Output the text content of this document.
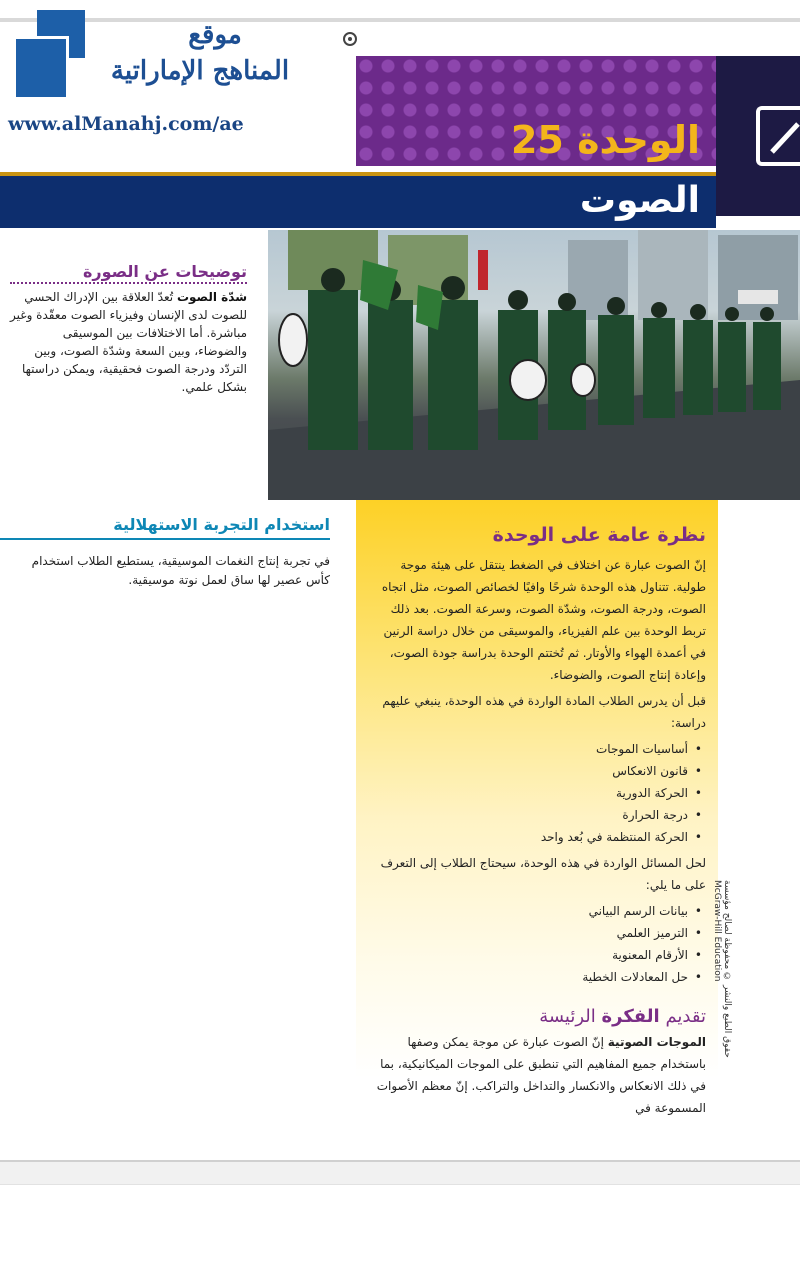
موقع
المناهج الإماراتية
www.alManahj.com/ae	الوحدة 25
الصوت
توضيحات عن الصورة
شدّة الصوت تُعدّ العلاقة بين الإدراك الحسي للصوت لدى الإنسان وفيزياء الصوت معقّدة وغير مباشرة. أما الاختلافات بين الموسيقى والضوضاء، وبين السعة وشدّة الصوت، وبين التردّد ودرجة الصوت فحقيقية، ويمكن دراستها بشكل علمي.
استخدام التجربة الاستهلالية
في تجربة إنتاج النغمات الموسيقية، يستطيع الطلاب استخدام كأس عصير لها ساق لعمل نوتة موسيقية.
نظرة عامة على الوحدة

إنّ الصوت عبارة عن اختلاف في الضغط ينتقل على هيئة موجة طولية. تتناول هذه الوحدة شرحًا وافيًا لخصائص الصوت، مثل اتجاه الصوت، ودرجة الصوت، وشدّة الصوت، وسرعة الصوت. بعد ذلك تربط الوحدة بين علم الفيزياء، والموسيقى من خلال دراسة الرنين في أعمدة الهواء والأوتار. ثم تُختتم الوحدة بدراسة جودة الصوت، وإعادة إنتاج الصوت، والضوضاء.

قبل أن يدرس الطلاب المادة الواردة في هذه الوحدة، ينبغي عليهم دراسة:

• أساسيات الموجات
• قانون الانعكاس
• الحركة الدورية
• درجة الحرارة
• الحركة المنتظمة في بُعد واحد

لحل المسائل الواردة في هذه الوحدة، سيحتاج الطلاب إلى التعرف على ما يلي:

• بيانات الرسم البياني
• الترميز العلمي
• الأرقام المعنوية
• حل المعادلات الخطية
تقديم الفكرة الرئيسة

الموجات الصوتية إنّ الصوت عبارة عن موجة يمكن وصفها باستخدام جميع المفاهيم التي تنطبق على الموجات الميكانيكية، بما في ذلك الانعكاس والانكسار والتداخل والتراكب. إنّ معظم الأصوات المسموعة في

حقوق الطبع والنشر © محفوظة لصالح مؤسسة McGraw-Hill Education
